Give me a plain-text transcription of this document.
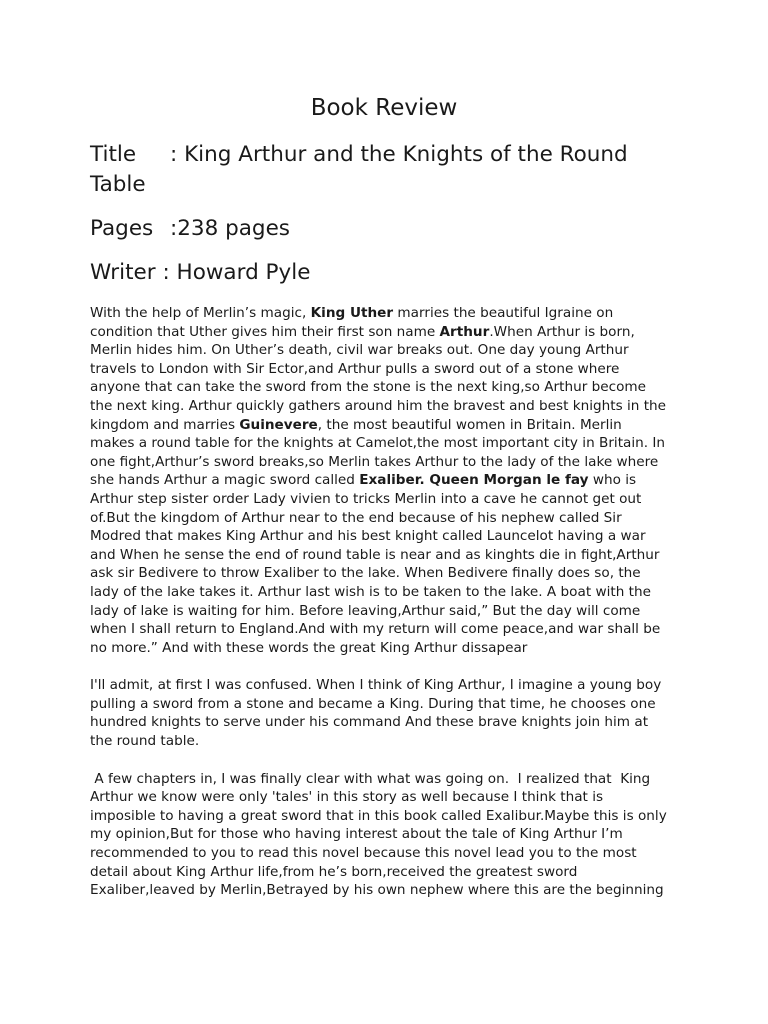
Book Review
Title : King Arthur and the Knights of the Round
Table
Pages :238 pages
Writer : Howard Pyle

With the help of Merlin’s magic, King Uther marries the beautiful Igraine on
condition that Uther gives him their first son name Arthur.When Arthur is born,
Merlin hides him. On Uther’s death, civil war breaks out. One day young Arthur
travels to London with Sir Ector,and Arthur pulls a sword out of a stone where
anyone that can take the sword from the stone is the next king,so Arthur become
the next king. Arthur quickly gathers around him the bravest and best knights in the
kingdom and marries Guinevere, the most beautiful women in Britain. Merlin
makes a round table for the knights at Camelot,the most important city in Britain. In
one fight,Arthur’s sword breaks,so Merlin takes Arthur to the lady of the lake where
she hands Arthur a magic sword called Exaliber. Queen Morgan le fay who is
Arthur step sister order Lady vivien to tricks Merlin into a cave he cannot get out
of.But the kingdom of Arthur near to the end because of his nephew called Sir
Modred that makes King Arthur and his best knight called Launcelot having a war
and When he sense the end of round table is near and as kinghts die in fight,Arthur
ask sir Bedivere to throw Exaliber to the lake. When Bedivere finally does so, the
lady of the lake takes it. Arthur last wish is to be taken to the lake. A boat with the
lady of lake is waiting for him. Before leaving,Arthur said,” But the day will come
when I shall return to England.And with my return will come peace,and war shall be
no more.” And with these words the great King Arthur dissapear

I'll admit, at first I was confused. When I think of King Arthur, I imagine a young boy
pulling a sword from a stone and became a King. During that time, he chooses one
hundred knights to serve under his command And these brave knights join him at
the round table.

A few chapters in, I was finally clear with what was going on.  I realized that  King
Arthur we know were only 'tales' in this story as well because I think that is
imposible to having a great sword that in this book called Exalibur.Maybe this is only
my opinion,But for those who having interest about the tale of King Arthur I’m
recommended to you to read this novel because this novel lead you to the most
detail about King Arthur life,from he’s born,received the greatest sword
Exaliber,leaved by Merlin,Betrayed by his own nephew where this are the beginning
